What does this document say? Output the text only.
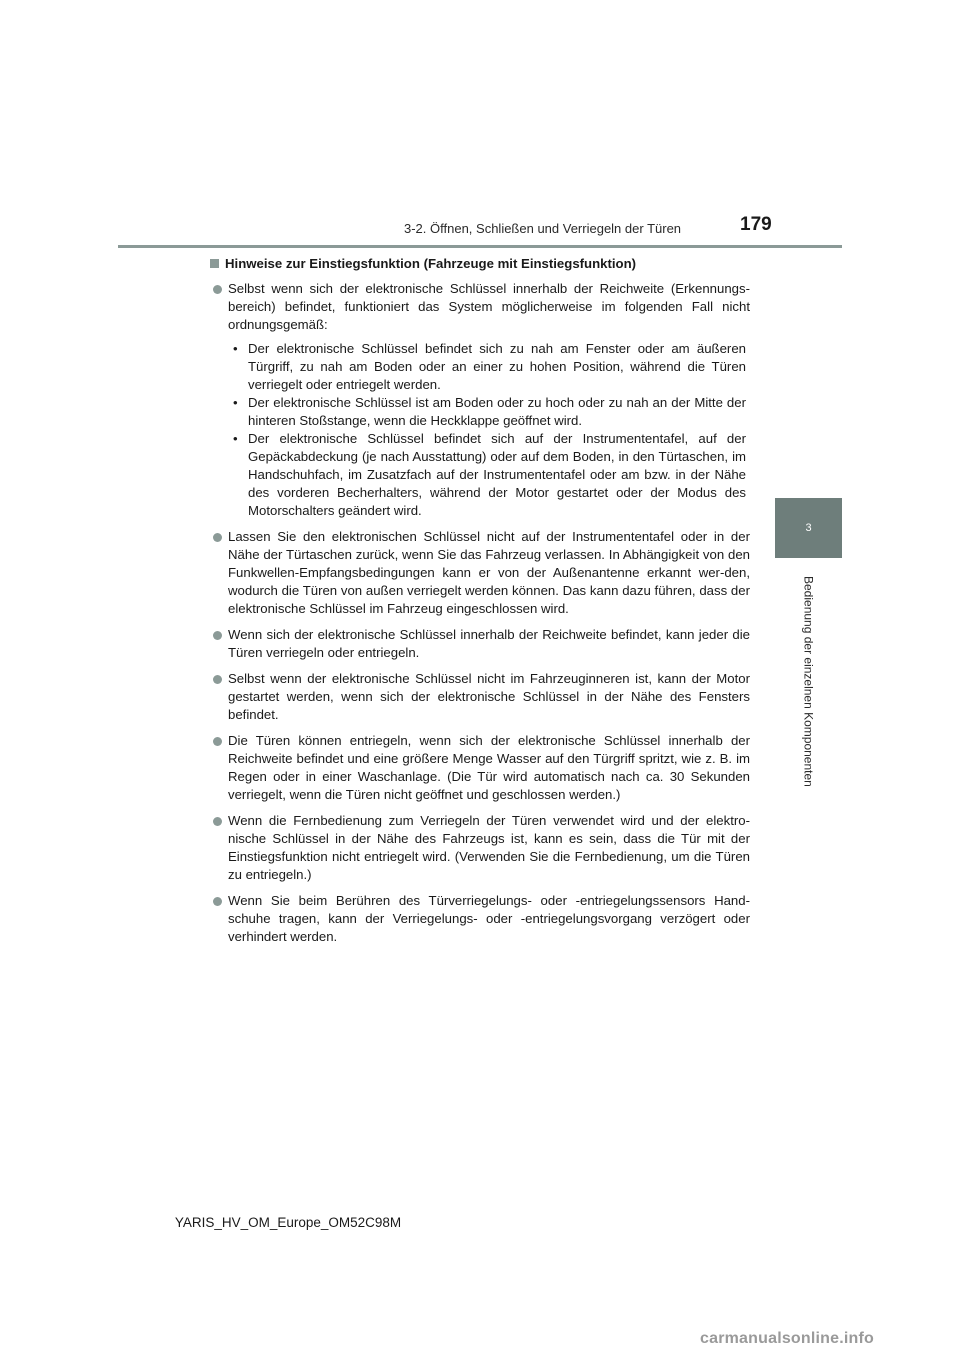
3-2. Öffnen, Schließen und Verriegeln der Türen	179
3
Bedienung der einzelnen Komponenten
Hinweise zur Einstiegsfunktion (Fahrzeuge mit Einstiegsfunktion)
Selbst wenn sich der elektronische Schlüssel innerhalb der Reichweite (Erkennungs-bereich) befindet, funktioniert das System möglicherweise im folgenden Fall nicht ordnungsgemäß:
• Der elektronische Schlüssel befindet sich zu nah am Fenster oder am äußeren Türgriff, zu nah am Boden oder an einer zu hohen Position, während die Türen verriegelt oder entriegelt werden.
• Der elektronische Schlüssel ist am Boden oder zu hoch oder zu nah an der Mitte der hinteren Stoßstange, wenn die Heckklappe geöffnet wird.
• Der elektronische Schlüssel befindet sich auf der Instrumententafel, auf der Gepäckabdeckung (je nach Ausstattung) oder auf dem Boden, in den Türtaschen, im Handschuhfach, im Zusatzfach auf der Instrumententafel oder am bzw. in der Nähe des vorderen Becherhalters, während der Motor gestartet oder der Modus des Motorschalters geändert wird.
Lassen Sie den elektronischen Schlüssel nicht auf der Instrumententafel oder in der Nähe der Türtaschen zurück, wenn Sie das Fahrzeug verlassen. In Abhängigkeit von den Funkwellen-Empfangsbedingungen kann er von der Außenantenne erkannt wer-den, wodurch die Türen von außen verriegelt werden können. Das kann dazu führen, dass der elektronische Schlüssel im Fahrzeug eingeschlossen wird.
Wenn sich der elektronische Schlüssel innerhalb der Reichweite befindet, kann jeder die Türen verriegeln oder entriegeln.
Selbst wenn der elektronische Schlüssel nicht im Fahrzeuginneren ist, kann der Motor gestartet werden, wenn sich der elektronische Schlüssel in der Nähe des Fensters befindet.
Die Türen können entriegeln, wenn sich der elektronische Schlüssel innerhalb der Reichweite befindet und eine größere Menge Wasser auf den Türgriff spritzt, wie z. B. im Regen oder in einer Waschanlage. (Die Tür wird automatisch nach ca. 30 Sekunden verriegelt, wenn die Türen nicht geöffnet und geschlossen werden.)
Wenn die Fernbedienung zum Verriegeln der Türen verwendet wird und der elektro-nische Schlüssel in der Nähe des Fahrzeugs ist, kann es sein, dass die Tür mit der Einstiegsfunktion nicht entriegelt wird. (Verwenden Sie die Fernbedienung, um die Türen zu entriegeln.)
Wenn Sie beim Berühren des Türverriegelungs- oder -entriegelungssensors Hand-schuhe tragen, kann der Verriegelungs- oder -entriegelungsvorgang verzögert oder verhindert werden.
YARIS_HV_OM_Europe_OM52C98M
carmanualsonline.info
